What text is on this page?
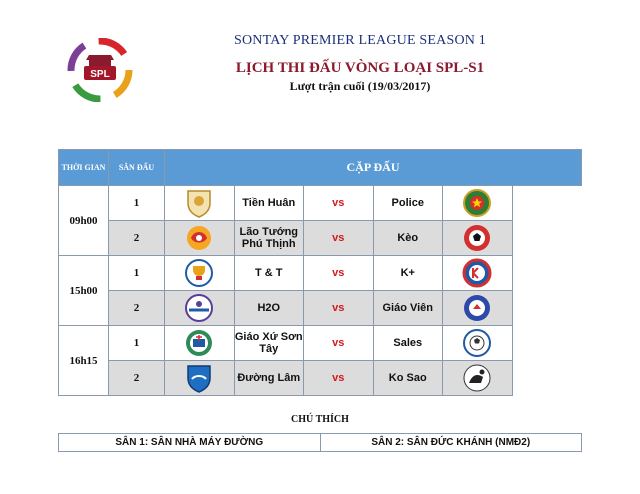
SPL
SONTAY PREMIER LEAGUE SEASON 1
LỊCH THI ĐẤU VÒNG LOẠI SPL-S1
Lượt trận cuối (19/03/2017)
THỜI GIAN	SÂN ĐẤU	CẶP ĐẤU				
09h00	1		Tiền Huân	vs	Police	
	2		Lão Tướng Phú Thịnh	vs	Kèo	
15h00	1		T & T	vs	K+	
	2		H2O	vs	Giáo Viên	
16h15	1		Giáo Xứ Sơn Tây	vs	Sales	
	2		Đường Lâm	vs	Ko Sao	
CHÚ THÍCH
SÂN 1: SÂN NHÀ MÁY ĐƯỜNG	SÂN 2: SÂN ĐỨC KHÁNH (NMĐ2)
